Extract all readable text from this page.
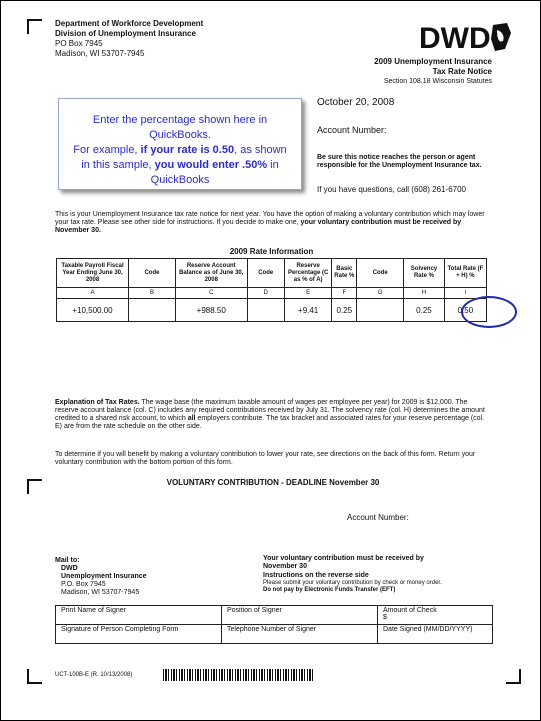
Department of Workforce Development
Division of Unemployment Insurance
PO Box 7945
Madison, WI 53707-7945	DWD
2009 Unemployment Insurance
Tax Rate Notice
Section 108.18 Wisconsin Statutes
Enter the percentage shown here in QuickBooks.
For example, if your rate is 0.50, as shown in this sample, you would enter .50% in QuickBooks
October 20, 2008
Account Number:
Be sure this notice reaches the person or agent responsible for the Unemployment Insurance tax.
If you have questions, call (608) 261-6700
This is your Unemployment Insurance tax rate notice for next year. You have the option of making a voluntary contribution which may lower your tax rate. Please see other side for instructions. If you decide to make one, your voluntary contribution must be received by November 30.
2009 Rate Information
Taxable Payroll Fiscal Year Ending June 30, 2008	Code	Reserve Account Balance as of June 30, 2008	Code	Reserve Percentage (C as % of A)	Basic Rate %	Code	Solvency Rate %	Total Rate (F + H) %
A	B	C	D	E	F	G	H	I
+10,500.00		+988.50		+9.41	0.25		0.25	0.50
Explanation of Tax Rates. The wage base (the maximum taxable amount of wages per employee per year) for 2009 is $12,000. The reserve account balance (col. C) includes any required contributions received by July 31. The solvency rate (col. H) determines the amount credited to a shared risk account, to which all employers contribute. The tax bracket and associated rates for your reserve percentage (col. E) are from the rate schedule on the other side.
To determine if you will benefit by making a voluntary contribution to lower your rate, see directions on the back of this form. Return your voluntary contribution with the bottom portion of this form.
VOLUNTARY CONTRIBUTION - DEADLINE November 30
Account Number:
Mail to:
DWD
Unemployment Insurance
P.O. Box 7945
Madison, WI 53707-7945
Your voluntary contribution must be received by
November 30
Instructions on the reverse side
Please submit your voluntary contribution by check or money order.
Do not pay by Electronic Funds Transfer (EFT)
Print Name of Signer	Position of Signer	Amount of Check
$
Signature of Person Completing Form	Telephone Number of Signer	Date Signed (MM/DD/YYYY)
UCT-100B-E (R. 10/13/2008)
